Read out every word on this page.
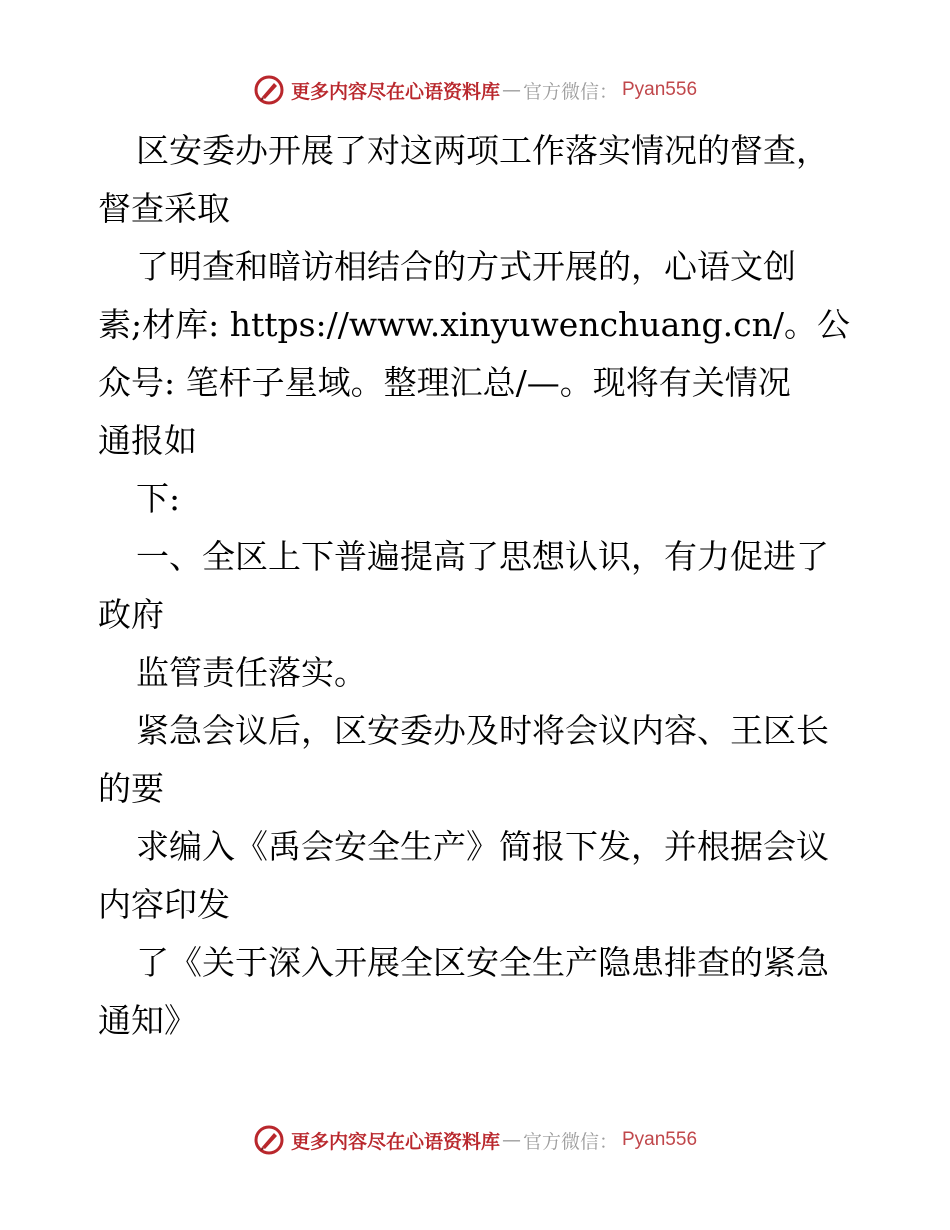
更多内容尽在心语资料库 — 官方微信： Pyan556
区安委办开展了对这两项工作落实情况的督查，
督查采取
了明查和暗访相结合的方式开展的，心语文创
素;材库: https://www.xinyuwenchuang.cn/。公
众号: 笔杆子星域。整理汇总/—。现将有关情况
通报如
下:
一、全区上下普遍提高了思想认识，有力促进了
政府
监管责任落实。
紧急会议后，区安委办及时将会议内容、王区长
的要
求编入《禹会安全生产》简报下发，并根据会议
内容印发
了《关于深入开展全区安全生产隐患排查的紧急
通知》
更多内容尽在心语资料库 — 官方微信： Pyan556
